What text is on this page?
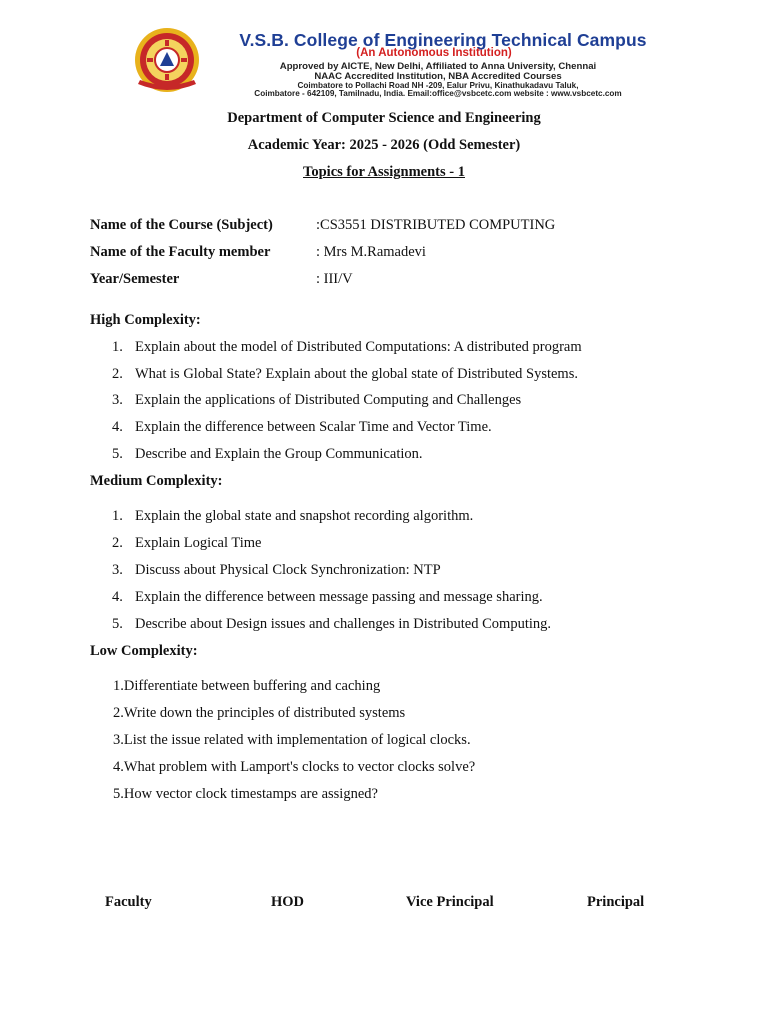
V.S.B. College of Engineering Technical Campus
(An Autonomous Institution)
Approved by AICTE, New Delhi, Affiliated to Anna University, Chennai
NAAC Accredited Institution, NBA Accredited Courses
Coimbatore to Pollachi Road NH -209, Ealur Privu, Kinathukadavu Taluk,
Coimbatore - 642109, Tamilnadu, India. Email:office@vsbcetc.com website : www.vsbcetc.com
Department of Computer Science and Engineering
Academic Year: 2025 - 2026 (Odd Semester)
Topics for Assignments - 1
Name of the Course (Subject)	:CS3551 DISTRIBUTED COMPUTING
Name of the Faculty member	: Mrs M.Ramadevi
Year/Semester	: III/V
High Complexity:
1. Explain about the model of Distributed Computations: A distributed program
2. What is Global State? Explain about the global state of Distributed Systems.
3. Explain the applications of Distributed Computing and Challenges
4. Explain the difference between Scalar Time and Vector Time.
5. Describe and Explain the Group Communication.
Medium Complexity:
1. Explain the global state and snapshot recording algorithm.
2. Explain Logical Time
3. Discuss about Physical Clock Synchronization: NTP
4. Explain the difference between message passing and message sharing.
5. Describe about Design issues and challenges in Distributed Computing.
Low Complexity:
1.Differentiate between buffering and caching
2.Write down the principles of distributed systems
3.List the issue related with implementation of logical clocks.
4.What problem with Lamport's clocks to vector clocks solve?
5.How vector clock timestamps are assigned?
Faculty	HOD	Vice Principal	Principal
